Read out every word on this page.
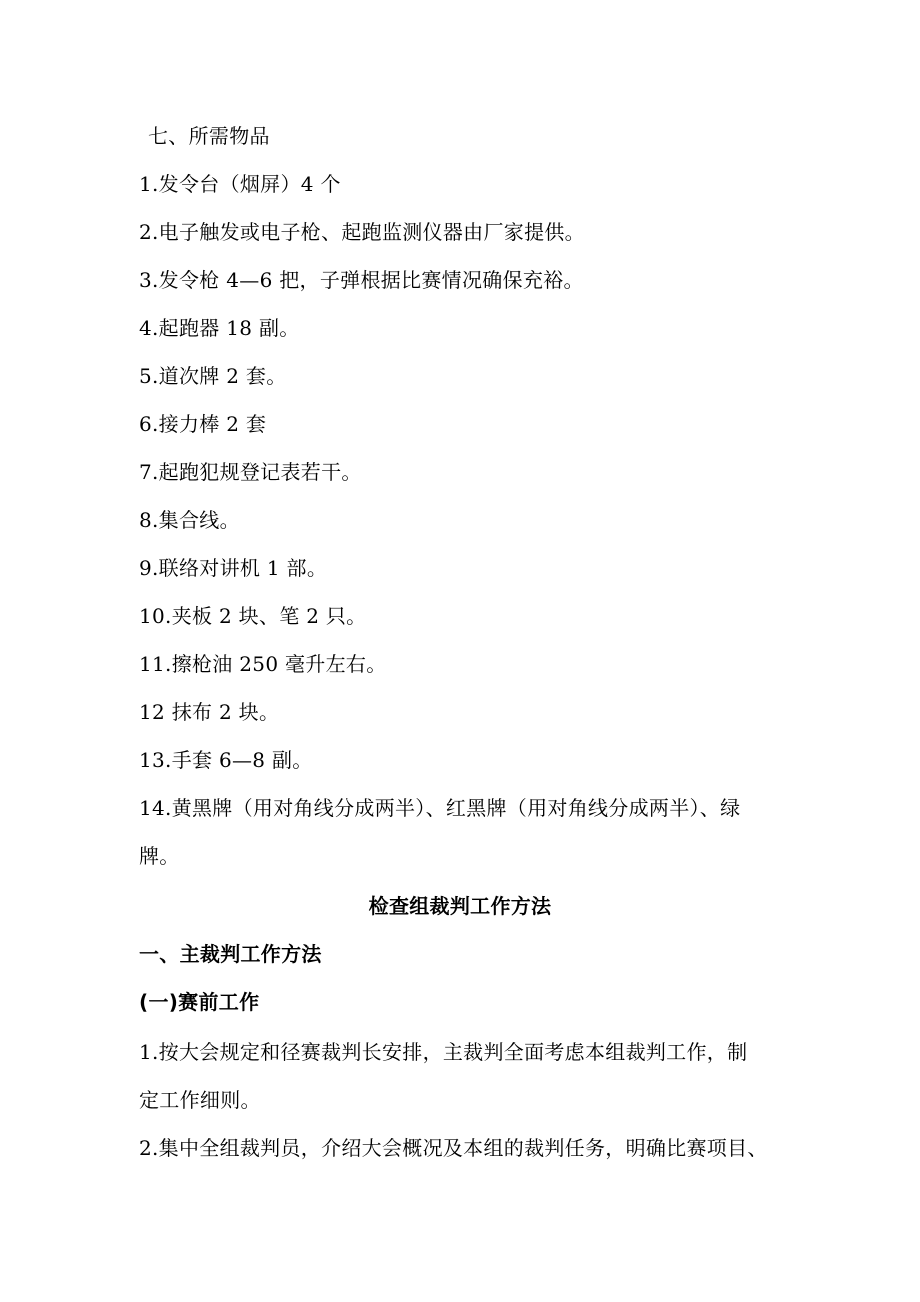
七、所需物品
1.发令台（烟屏）4 个
2.电子触发或电子枪、起跑监测仪器由厂家提供。
3.发令枪 4—6 把，子弹根据比赛情况确保充裕。
4.起跑器 18 副。
5.道次牌 2 套。
6.接力棒 2 套
7.起跑犯规登记表若干。
8.集合线。
9.联络对讲机 1 部。
10.夹板 2 块、笔 2 只。
11.擦枪油 250 毫升左右。
12 抹布 2 块。
13.手套 6—8 副。
14.黄黑牌（用对角线分成两半）、红黑牌（用对角线分成两半）、绿
牌。
检查组裁判工作方法
一、主裁判工作方法
(一)赛前工作
1.按大会规定和径赛裁判长安排，主裁判全面考虑本组裁判工作，制
定工作细则。
2.集中全组裁判员，介绍大会概况及本组的裁判任务，明确比赛项目、
